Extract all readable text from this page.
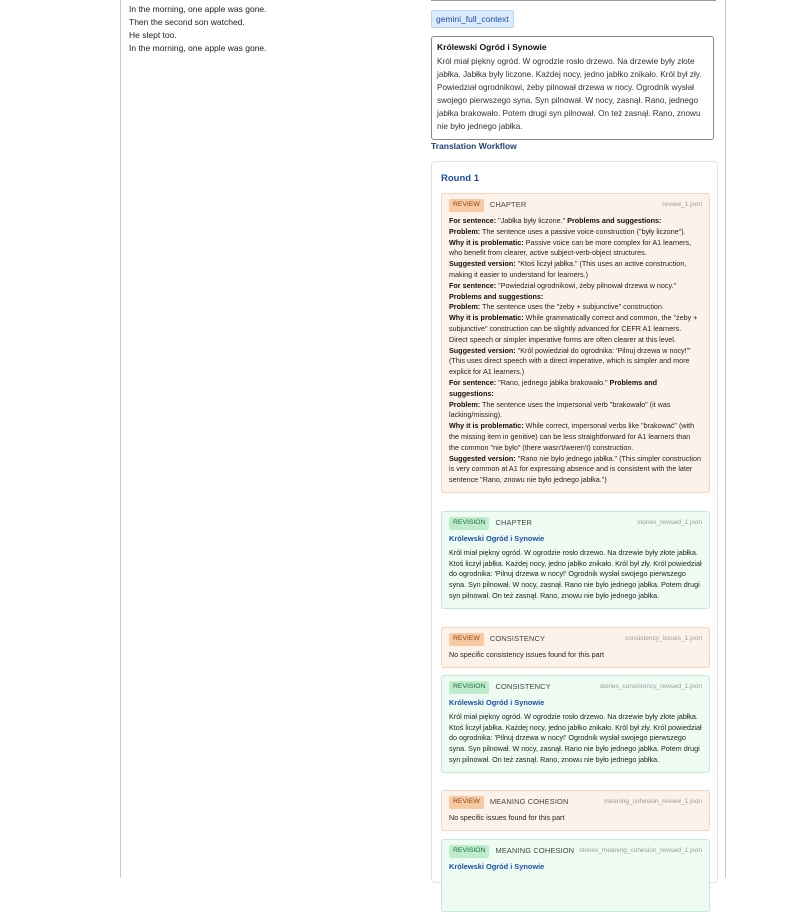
In the morning, one apple was gone.
Then the second son watched.
He slept too.
In the morning, one apple was gone.
gemini_full_context
Królewski Ogród i Synowie
Król miał piękny ogród. W ogrodzie rosło drzewo. Na drzewie były złote jabłka. Jabłka były liczone. Każdej nocy, jedno jabłko znikało. Król był zły. Powiedział ogrodnikowi, żeby pilnował drzewa w nocy. Ogrodnik wysłał swojego pierwszego syna. Syn pilnował. W nocy, zasnął. Rano, jednego jabłka brakowało. Potem drugi syn pilnował. On też zasnął. Rano, znowu nie było jednego jabłka.
Translation Workflow
Round 1
REVIEW	CHAPTER	review_1.json
For sentence: "Jabłka były liczone." Problems and suggestions:
Problem: The sentence uses a passive voice construction ("były liczone").
Why it is problematic: Passive voice can be more complex for A1 learners, who benefit from clearer, active subject-verb-object structures.
Suggested version: "Ktoś liczył jabłka." (This uses an active construction, making it easier to understand for learners.)
For sentence: "Powiedział ogrodnikowi, żeby pilnował drzewa w nocy."
Problems and suggestions:
Problem: The sentence uses the "żeby + subjunctive" construction.
Why it is problematic: While grammatically correct and common, the "żeby + subjunctive" construction can be slightly advanced for CEFR A1 learners. Direct speech or simpler imperative forms are often clearer at this level.
Suggested version: "Król powiedział do ogrodnika: 'Pilnuj drzewa w nocy!'" (This uses direct speech with a direct imperative, which is simpler and more explicit for A1 learners.)
For sentence: "Rano, jednego jabłka brakowało." Problems and suggestions:
Problem: The sentence uses the impersonal verb "brakowało" (it was lacking/missing).
Why it is problematic: While correct, impersonal verbs like "brakować" (with the missing item in genitive) can be less straightforward for A1 learners than the common "nie było" (there wasn't/weren't) construction.
Suggested version: "Rano nie było jednego jabłka." (This simpler construction is very common at A1 for expressing absence and is consistent with the later sentence "Rano, znowu nie było jednego jabłka.")
REVISION	CHAPTER	stories_revised_1.json
Królewski Ogród i Synowie
Król miał piękny ogród. W ogrodzie rosło drzewo. Na drzewie były złote jabłka. Ktoś liczył jabłka. Każdej nocy, jedno jabłko znikało. Król był zły. Król powiedział do ogrodnika: 'Pilnuj drzewa w nocy!' Ogrodnik wysłał swojego pierwszego syna. Syn pilnował. W nocy, zasnął. Rano nie było jednego jabłka. Potem drugi syn pilnował. On też zasnął. Rano, znowu nie było jednego jabłka.
REVIEW	CONSISTENCY	consistency_issues_1.json
No specific consistency issues found for this part
REVISION	CONSISTENCY	stories_consistency_revised_1.json
Królewski Ogród i Synowie
Król miał piękny ogród. W ogrodzie rosło drzewo. Na drzewie były złote jabłka. Ktoś liczył jabłka. Każdej nocy, jedno jabłko znikało. Król był zły. Król powiedział do ogrodnika: 'Pilnuj drzewa w nocy!' Ogrodnik wysłał swojego pierwszego syna. Syn pilnował. W nocy, zasnął. Rano nie było jednego jabłka. Potem drugi syn pilnował. On też zasnął. Rano, znowu nie było jednego jabłka.
REVIEW	MEANING COHESION	meaning_cohesion_review_1.json
No specific issues found for this part
REVISION	MEANING COHESION stories_meaning_cohesion_revised_1.json
Królewski Ogród i Synowie
